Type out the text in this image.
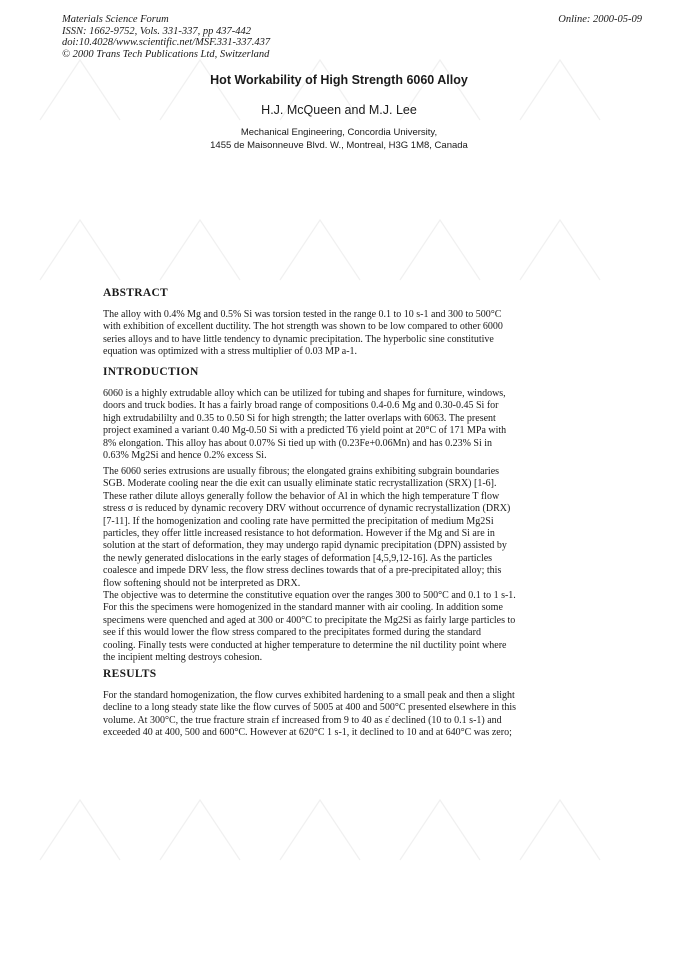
Materials Science Forum
ISSN: 1662-9752, Vols. 331-337, pp 437-442
doi:10.4028/www.scientific.net/MSF.331-337.437
© 2000 Trans Tech Publications Ltd, Switzerland
Online: 2000-05-09
Hot Workability of High Strength 6060 Alloy
H.J. McQueen and M.J. Lee
Mechanical Engineering, Concordia University,
1455 de Maisonneuve Blvd. W., Montreal, H3G 1M8, Canada
ABSTRACT
The alloy with 0.4% Mg and 0.5% Si was torsion tested in the range 0.1 to 10 s-1 and 300 to 500°C
with exhibition of excellent ductility. The hot strength was shown to be low compared to other 6000
series alloys and to have little tendency to dynamic precipitation. The hyperbolic sine constitutive
equation was optimized with a stress multiplier of 0.03 MP a-1.
INTRODUCTION
6060 is a highly extrudable alloy which can be utilized for tubing and shapes for furniture, windows,
doors and truck bodies. It has a fairly broad range of compositions 0.4-0.6 Mg and 0.30-0.45 Si for
high extrudabililty and 0.35 to 0.50 Si for high strength; the latter overlaps with 6063. The present
project examined a variant 0.40 Mg-0.50 Si with a predicted T6 yield point at 20°C of 171 MPa with
8% elongation. This alloy has about 0.07% Si tied up with (0.23Fe+0.06Mn) and has 0.23% Si in
0.63% Mg2Si and hence 0.2% excess Si.
The 6060 series extrusions are usually fibrous; the elongated grains exhibiting subgrain boundaries
SGB. Moderate cooling near the die exit can usually eliminate static recrystallization (SRX) [1-6].
These rather dilute alloys generally follow the behavior of Al in which the high temperature T flow
stress σ is reduced by dynamic recovery DRV without occurrence of dynamic recrystallization (DRX)
[7-11]. If the homogenization and cooling rate have permitted the precipitation of medium Mg2Si
particles, they offer little increased resistance to hot deformation. However if the Mg and Si are in
solution at the start of deformation, they may undergo rapid dynamic precipitation (DPN) assisted by
the newly generated dislocations in the early stages of deformation [4,5,9,12-16]. As the particles
coalesce and impede DRV less, the flow stress declines towards that of a pre-precipitated alloy; this
flow softening should not be interpreted as DRX.
The objective was to determine the constitutive equation over the ranges 300 to 500°C and 0.1 to 1 s-1.
For this the specimens were homogenized in the standard manner with air cooling. In addition some
specimens were quenched and aged at 300 or 400°C to precipitate the Mg2Si as fairly large particles to
see if this would lower the flow stress compared to the precipitates formed during the standard
cooling. Finally tests were conducted at higher temperature to determine the nil ductility point where
the incipient melting destroys cohesion.
RESULTS
For the standard homogenization, the flow curves exhibited hardening to a small peak and then a slight
decline to a long steady state like the flow curves of 5005 at 400 and 500°C presented elsewhere in this
volume. At 300°C, the true fracture strain εf increased from 9 to 40 as ε̇ declined (10 to 0.1 s-1) and
exceeded 40 at 400, 500 and 600°C. However at 620°C 1 s-1, it declined to 10 and at 640°C was zero;
